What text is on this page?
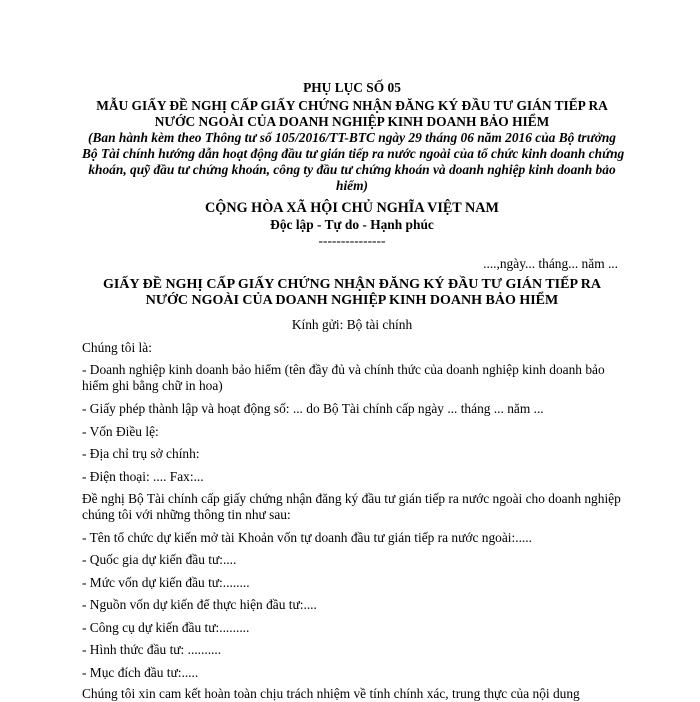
PHỤ LỤC SỐ 05
MẪU GIẤY ĐỀ NGHỊ CẤP GIẤY CHỨNG NHẬN ĐĂNG KÝ ĐẦU TƯ GIÁN TIẾP RA
NƯỚC NGOÀI CỦA DOANH NGHIỆP KINH DOANH BẢO HIỂM
(Ban hành kèm theo Thông tư số 105/2016/TT-BTC ngày 29 tháng 06 năm 2016 của Bộ trưởng
Bộ Tài chính hướng dẫn hoạt động đầu tư gián tiếp ra nước ngoài của tổ chức kinh doanh chứng
khoán, quỹ đầu tư chứng khoán, công ty đầu tư chứng khoán và doanh nghiệp kinh doanh bảo
hiểm)
CỘNG HÒA XÃ HỘI CHỦ NGHĨA VIỆT NAM
Độc lập - Tự do - Hạnh phúc
---------------
....,ngày... tháng... năm ...
GIẤY ĐỀ NGHỊ CẤP GIẤY CHỨNG NHẬN ĐĂNG KÝ ĐẦU TƯ GIÁN TIẾP RA
NƯỚC NGOÀI CỦA DOANH NGHIỆP KINH DOANH BẢO HIỂM
Kính gửi: Bộ tài chính
Chúng tôi là:
- Doanh nghiệp kinh doanh bảo hiểm (tên đầy đủ và chính thức của doanh nghiệp kinh doanh bảo hiểm ghi bằng chữ in hoa)
- Giấy phép thành lập và hoạt động số: ... do Bộ Tài chính cấp ngày ... tháng ... năm ...
- Vốn Điều lệ:
- Địa chỉ trụ sở chính:
- Điện thoại: .... Fax:...
Đề nghị Bộ Tài chính cấp giấy chứng nhận đăng ký đầu tư gián tiếp ra nước ngoài cho doanh nghiệp chúng tôi với những thông tin như sau:
- Tên tổ chức dự kiến mở tài Khoản vốn tự doanh đầu tư gián tiếp ra nước ngoài:.....
- Quốc gia dự kiến đầu tư:....
- Mức vốn dự kiến đầu tư:........
- Nguồn vốn dự kiến để thực hiện đầu tư:....
- Công cụ dự kiến đầu tư:.........
- Hình thức đầu tư: ..........
- Mục đích đầu tư:.....
Chúng tôi xin cam kết hoàn toàn chịu trách nhiệm về tính chính xác, trung thực của nội dung
